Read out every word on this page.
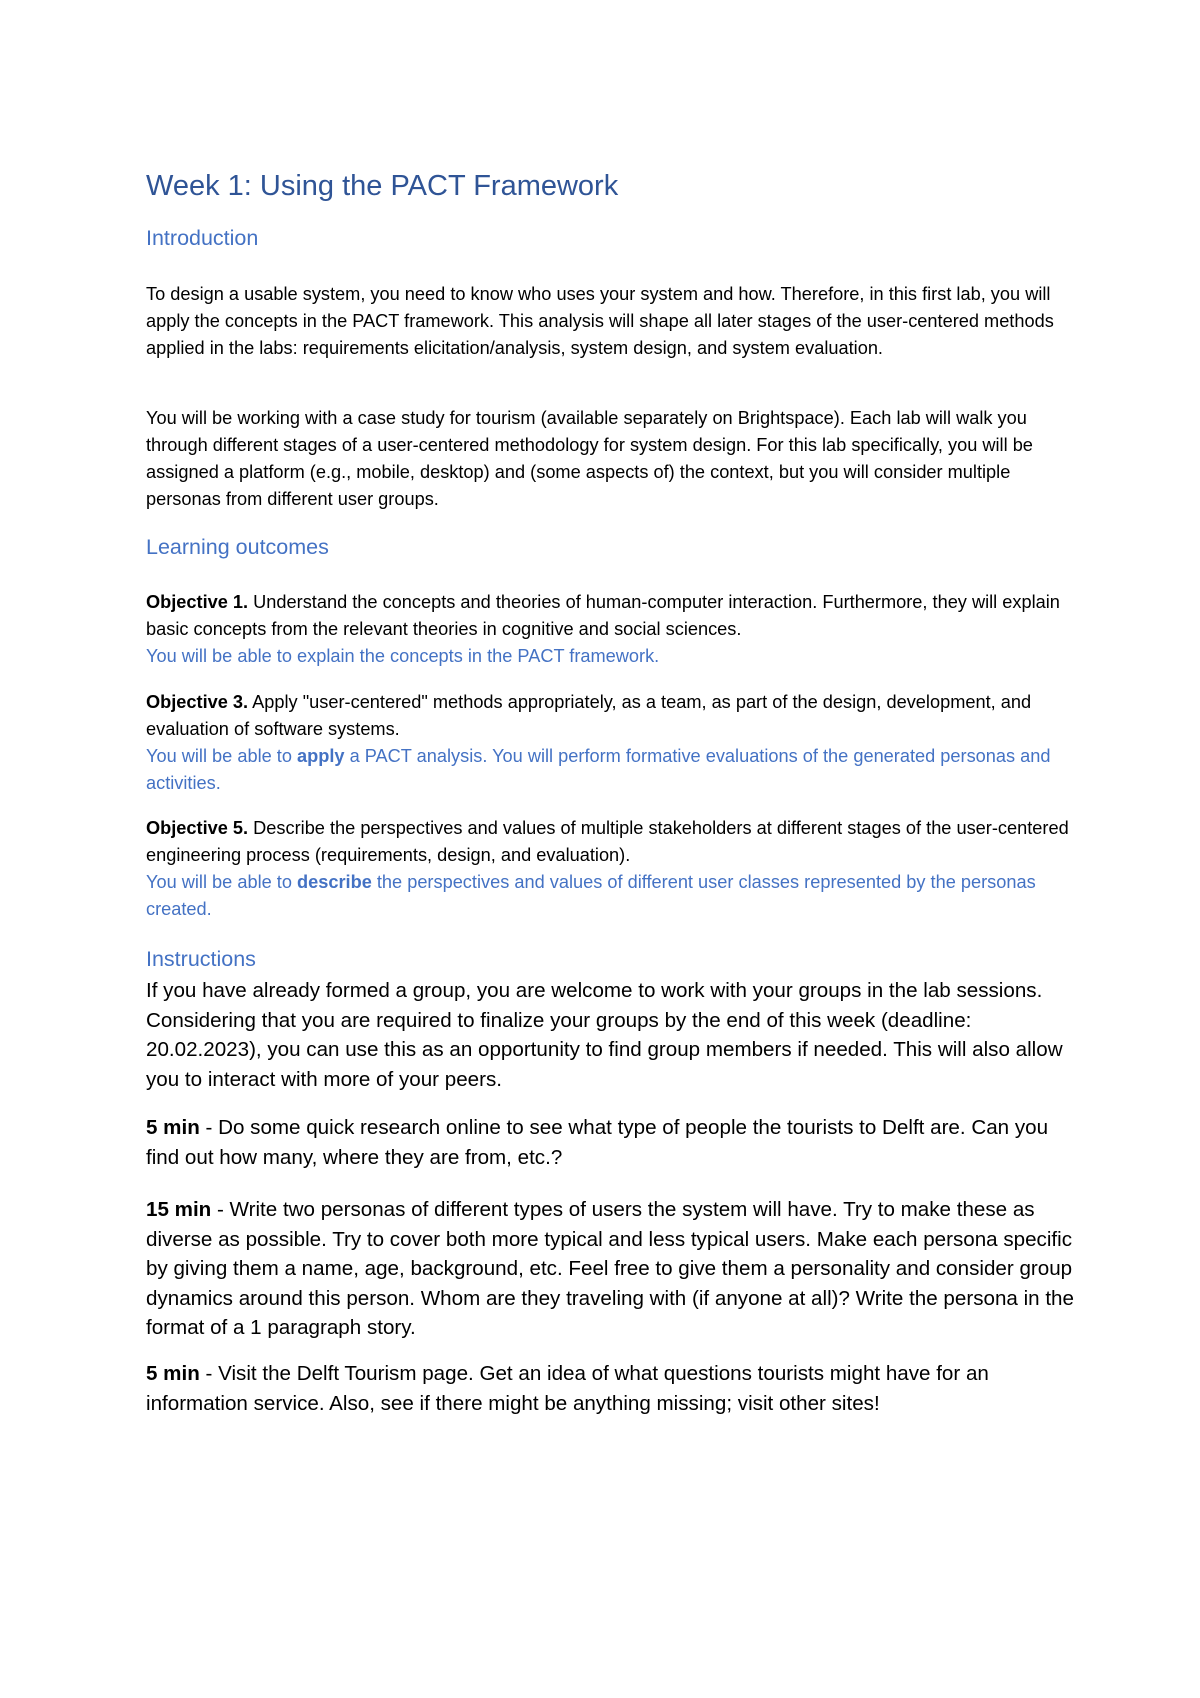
Week 1: Using the PACT Framework
Introduction

To design a usable system, you need to know who uses your system and how. Therefore, in this first lab, you will apply the concepts in the PACT framework. This analysis will shape all later stages of the user-centered methods applied in the labs: requirements elicitation/analysis, system design, and system evaluation.

You will be working with a case study for tourism (available separately on Brightspace). Each lab will walk you through different stages of a user-centered methodology for system design. For this lab specifically, you will be assigned a platform (e.g., mobile, desktop) and (some aspects of) the context, but you will consider multiple personas from different user groups.

Learning outcomes
Objective 1. Understand the concepts and theories of human-computer interaction. Furthermore, they will explain basic concepts from the relevant theories in cognitive and social sciences.
You will be able to explain the concepts in the PACT framework.
Objective 3. Apply "user-centered" methods appropriately, as a team, as part of the design, development, and evaluation of software systems.
You will be able to apply a PACT analysis. You will perform formative evaluations of the generated personas and activities.
Objective 5. Describe the perspectives and values of multiple stakeholders at different stages of the user-centered engineering process (requirements, design, and evaluation).
You will be able to describe the perspectives and values of different user classes represented by the personas created.
Instructions

If you have already formed a group, you are welcome to work with your groups in the lab sessions. Considering that you are required to finalize your groups by the end of this week (deadline: 20.02.2023), you can use this as an opportunity to find group members if needed. This will also allow you to interact with more of your peers.

5 min - Do some quick research online to see what type of people the tourists to Delft are. Can you find out how many, where they are from, etc.?

15 min - Write two personas of different types of users the system will have. Try to make these as diverse as possible. Try to cover both more typical and less typical users. Make each persona specific by giving them a name, age, background, etc. Feel free to give them a personality and consider group dynamics around this person. Whom are they traveling with (if anyone at all)? Write the persona in the format of a 1 paragraph story.

5 min - Visit the Delft Tourism page. Get an idea of what questions tourists might have for an information service. Also, see if there might be anything missing; visit other sites!
